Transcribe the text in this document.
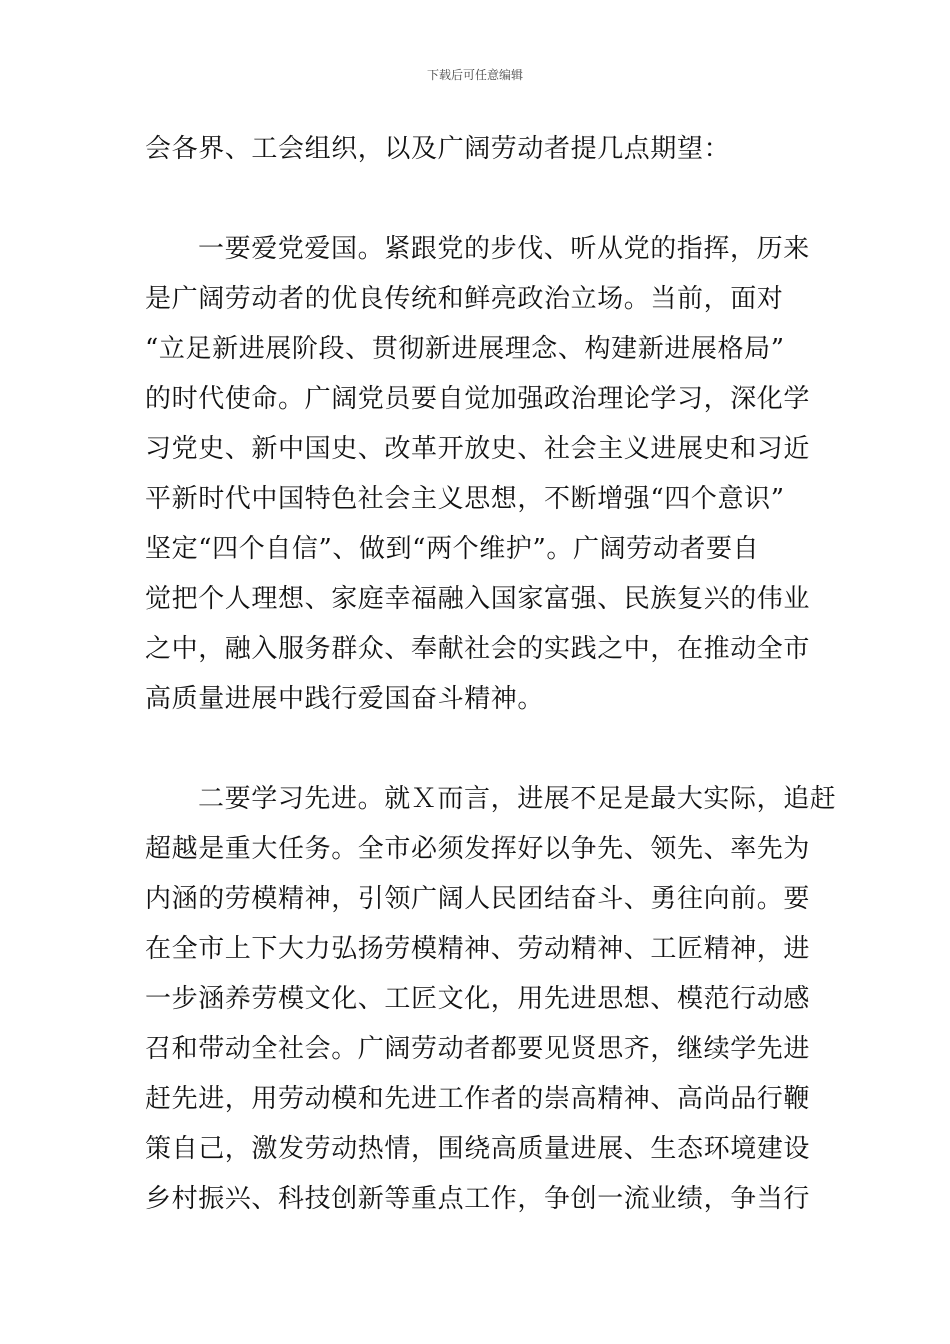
下载后可任意编辑
会各界、工会组织，以及广阔劳动者提几点期望：
一要爱党爱国。紧跟党的步伐、听从党的指挥，历来
是广阔劳动者的优良传统和鲜亮政治立场。当前，面对
“立足新进展阶段、贯彻新进展理念、构建新进展格局”
的时代使命。广阔党员要自觉加强政治理论学习，深化学
习党史、新中国史、改革开放史、社会主义进展史和习近
平新时代中国特色社会主义思想，不断增强“四个意识”
坚定“四个自信”、做到“两个维护”。广阔劳动者要自
觉把个人理想、家庭幸福融入国家富强、民族复兴的伟业
之中，融入服务群众、奉献社会的实践之中，在推动全市
高质量进展中践行爱国奋斗精神。
二要学习先进。就Ｘ而言，进展不足是最大实际，追赶
超越是重大任务。全市必须发挥好以争先、领先、率先为
内涵的劳模精神，引领广阔人民团结奋斗、勇往向前。要
在全市上下大力弘扬劳模精神、劳动精神、工匠精神，进
一步涵养劳模文化、工匠文化，用先进思想、模范行动感
召和带动全社会。广阔劳动者都要见贤思齐，继续学先进
赶先进，用劳动模和先进工作者的崇高精神、高尚品行鞭
策自己，激发劳动热情，围绕高质量进展、生态环境建设
乡村振兴、科技创新等重点工作，争创一流业绩，争当行
